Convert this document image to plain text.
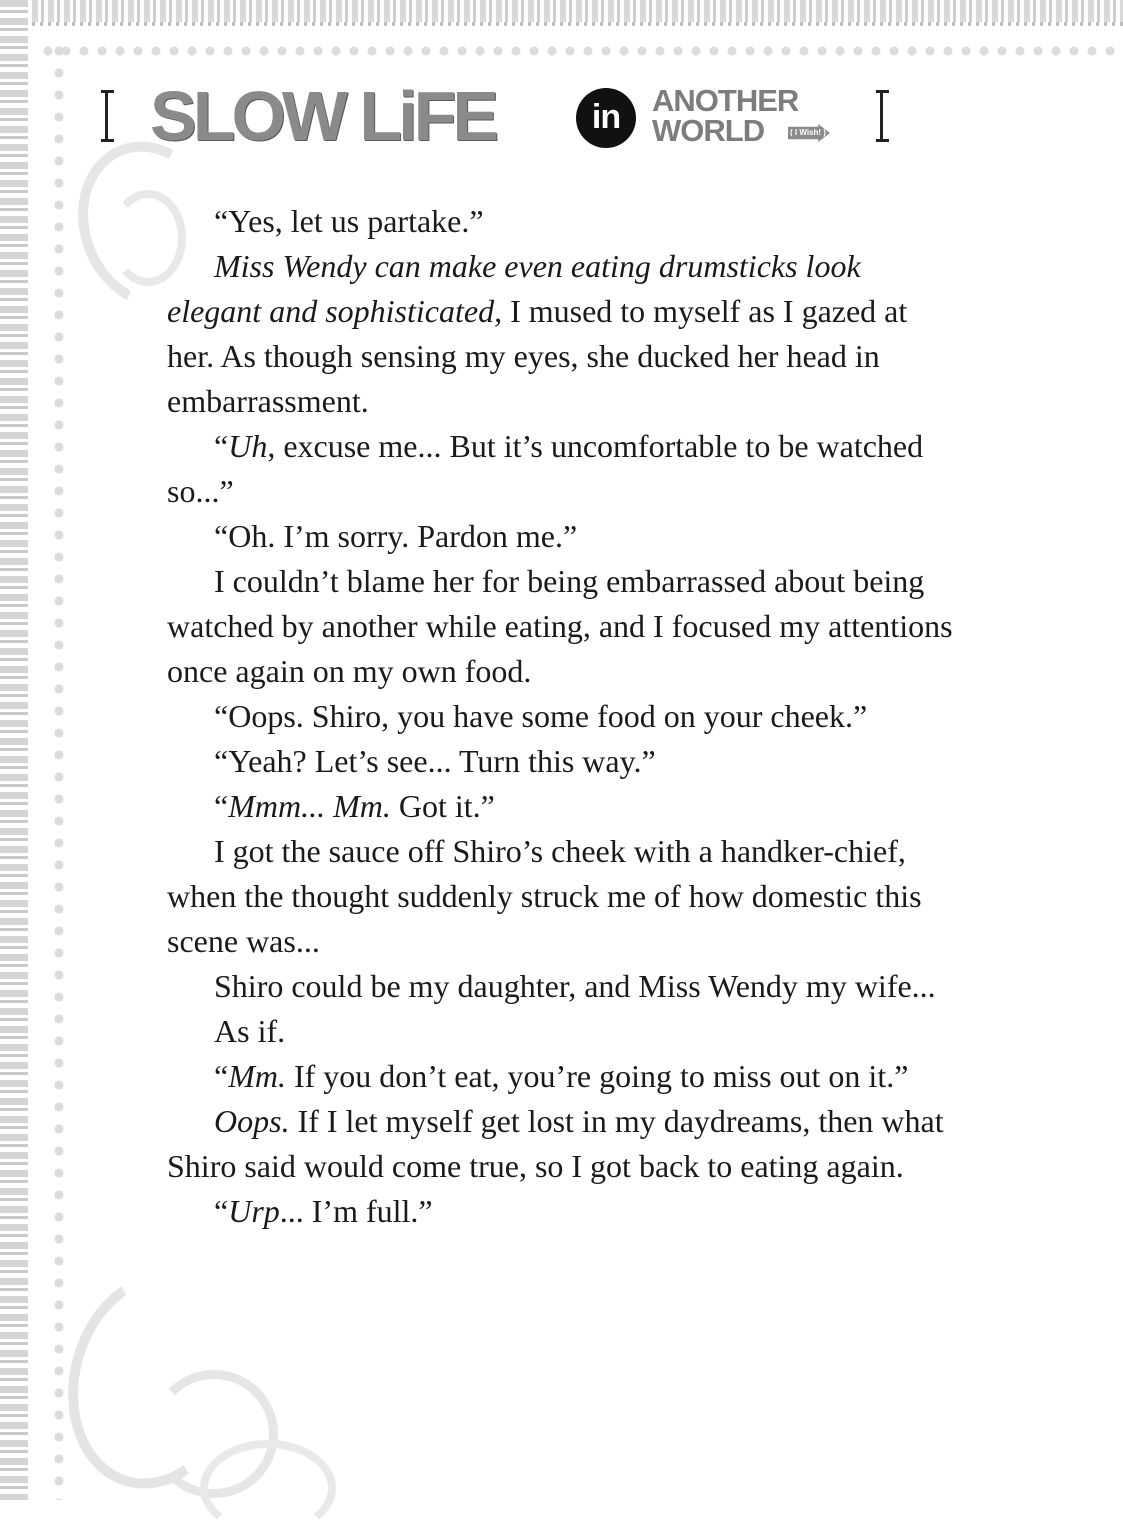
SLOW LiFE	in	ANOTHER
WORLD	( I Wish! )

“Yes, let us partake.”

Miss Wendy can make even eating drumsticks look elegant and sophisticated, I mused to myself as I gazed at her. As though sensing my eyes, she ducked her head in embarrassment.

“Uh, excuse me... But it’s uncomfortable to be watched so...”

“Oh. I’m sorry. Pardon me.”

I couldn’t blame her for being embarrassed about being watched by another while eating, and I focused my attentions once again on my own food.

“Oops. Shiro, you have some food on your cheek.”

“Yeah? Let’s see... Turn this way.”

“Mmm... Mm. Got it.”

I got the sauce off Shiro’s cheek with a handker-chief, when the thought suddenly struck me of how domestic this scene was...

Shiro could be my daughter, and Miss Wendy my wife...

As if.

“Mm. If you don’t eat, you’re going to miss out on it.”

Oops. If I let myself get lost in my daydreams, then what Shiro said would come true, so I got back to eating again.

“Urp... I’m full.”
